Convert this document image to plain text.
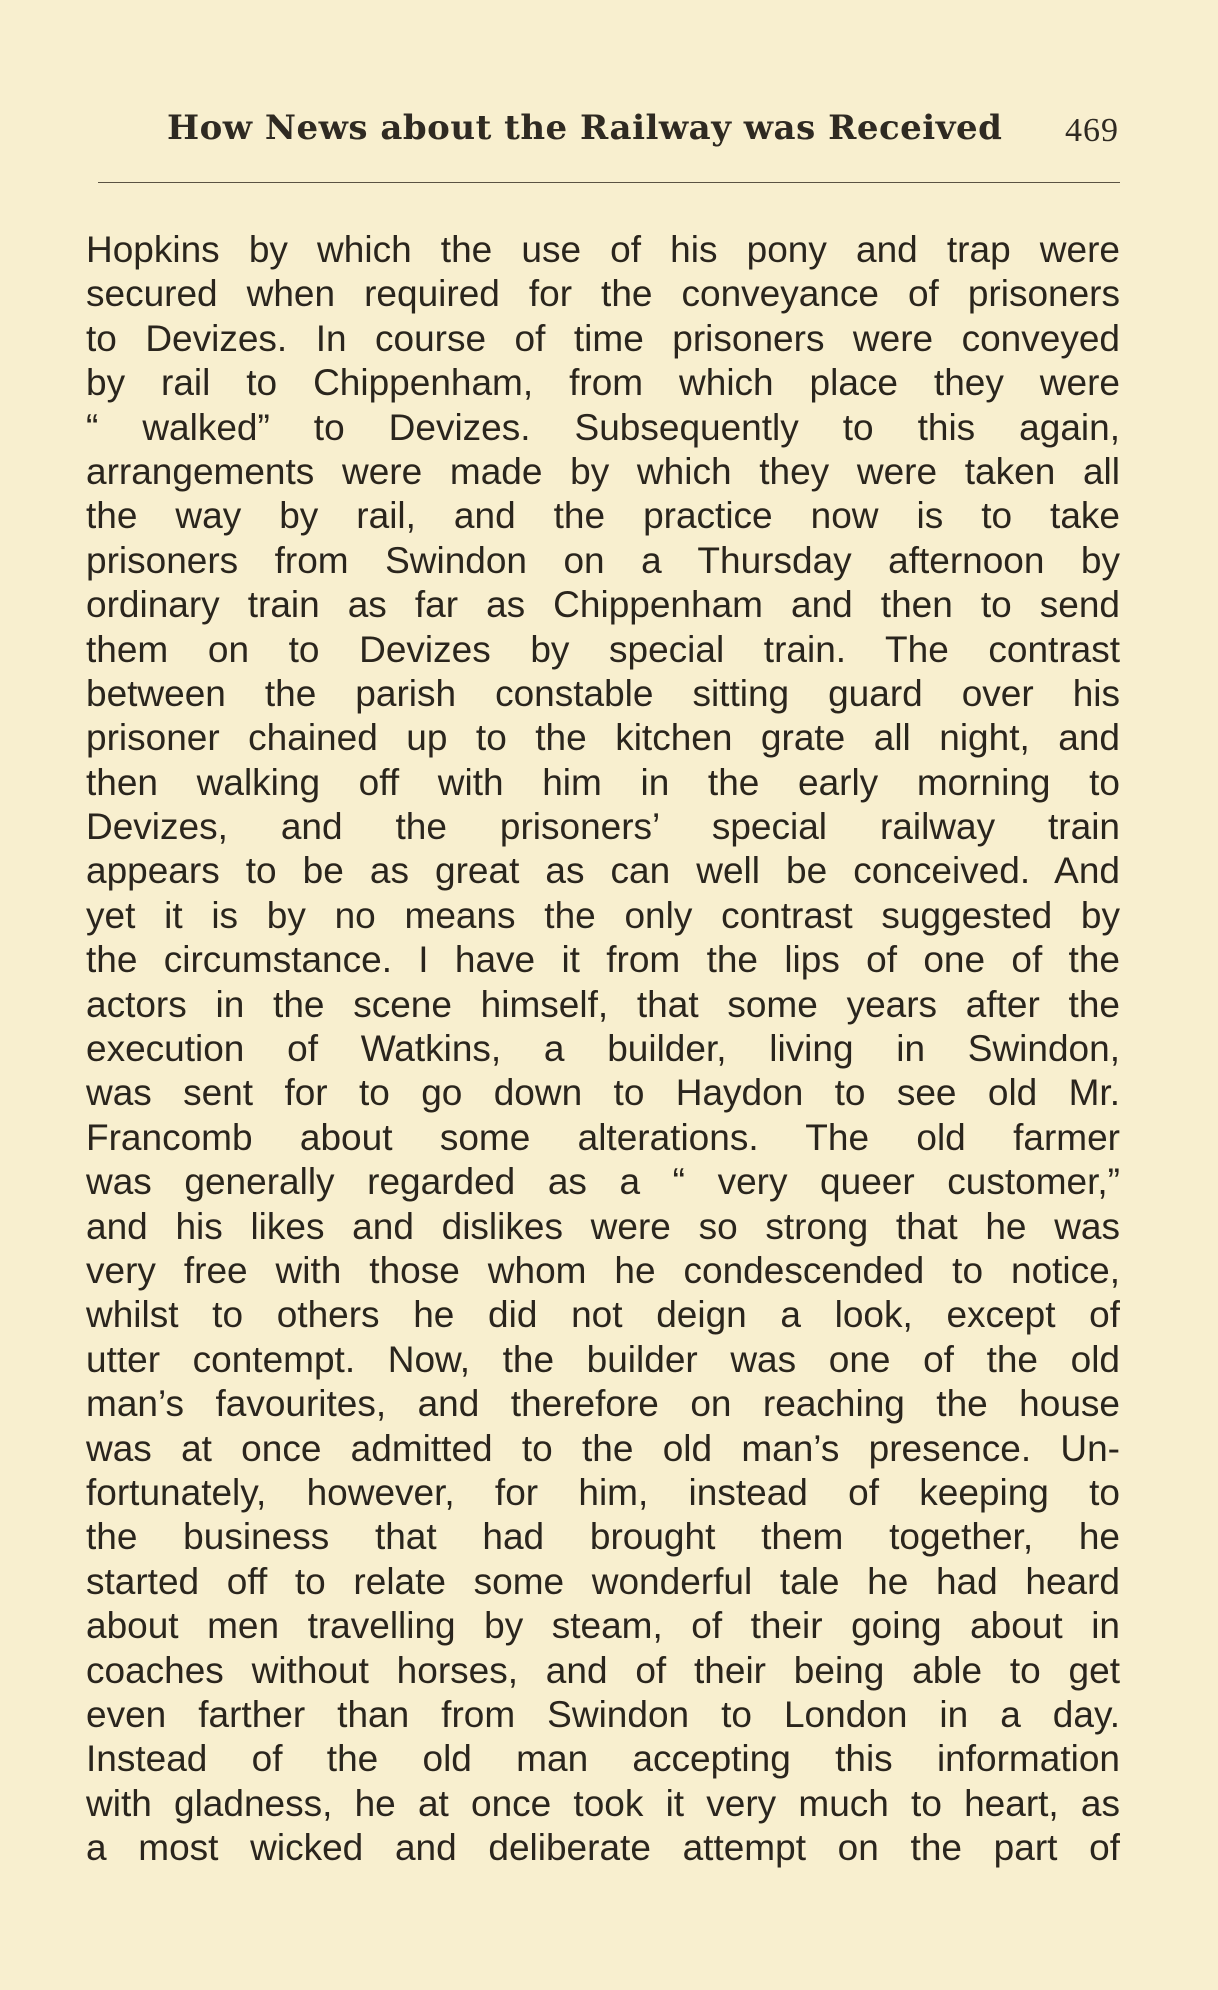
How News about the Railway was Received 469
Hopkins by which the use of his pony and trap were
secured when required for the conveyance of prisoners
to Devizes. In course of time prisoners were conveyed
by rail to Chippenham, from which place they were
“ walked” to Devizes. Subsequently to this again,
arrangements were made by which they were taken all
the way by rail, and the practice now is to take
prisoners from Swindon on a Thursday afternoon by
ordinary train as far as Chippenham and then to send
them on to Devizes by special train. The contrast
between the parish constable sitting guard over his
prisoner chained up to the kitchen grate all night, and
then walking off with him in the early morning to
Devizes, and the prisoners’ special railway train
appears to be as great as can well be conceived. And
yet it is by no means the only contrast suggested by
the circumstance. I have it from the lips of one of the
actors in the scene himself, that some years after the
execution of Watkins, a builder, living in Swindon,
was sent for to go down to Haydon to see old Mr.
Francomb about some alterations. The old farmer
was generally regarded as a “ very queer customer,”
and his likes and dislikes were so strong that he was
very free with those whom he condescended to notice,
whilst to others he did not deign a look, except of
utter contempt. Now, the builder was one of the old
man’s favourites, and therefore on reaching the house
was at once admitted to the old man’s presence. Un-
fortunately, however, for him, instead of keeping to
the business that had brought them together, he
started off to relate some wonderful tale he had heard
about men travelling by steam, of their going about in
coaches without horses, and of their being able to get
even farther than from Swindon to London in a day.
Instead of the old man accepting this information
with gladness, he at once took it very much to heart, as
a most wicked and deliberate attempt on the part of
